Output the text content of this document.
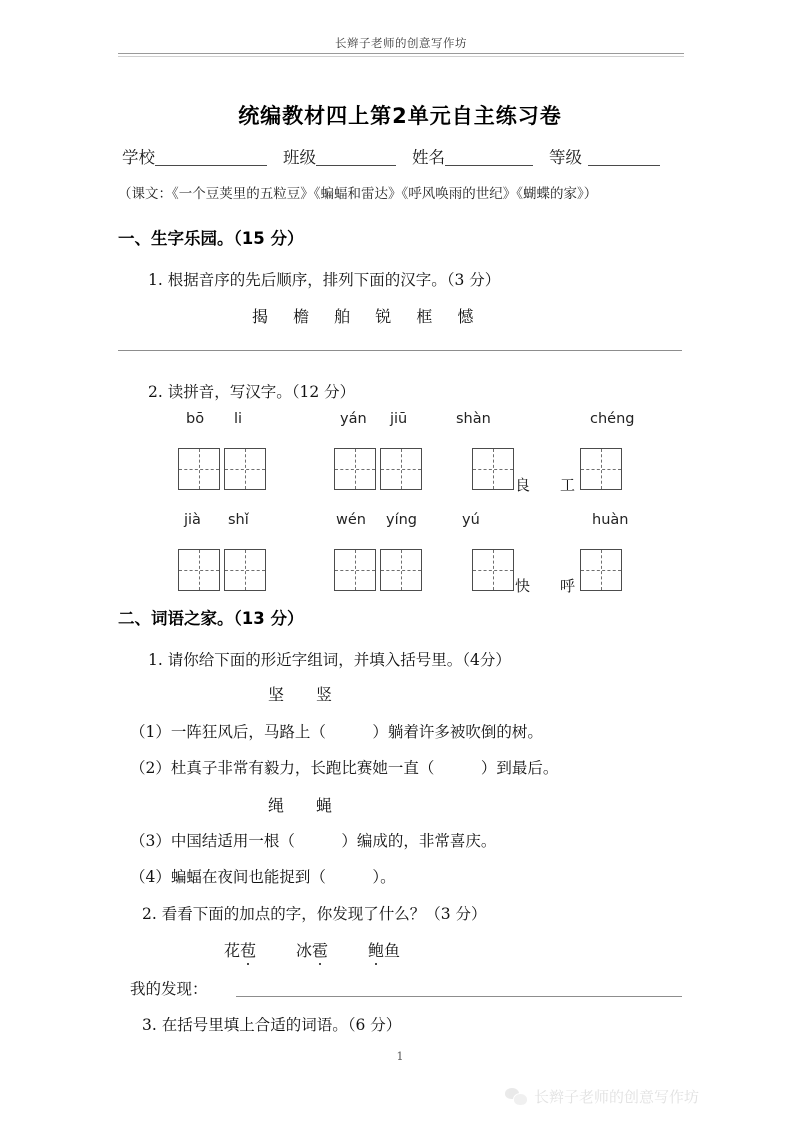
长辫子老师的创意写作坊
统编教材四上第2单元自主练习卷
学校	班级	姓名	等级
（课文：《一个豆荚里的五粒豆》《蝙蝠和雷达》《呼风唤雨的世纪》《蝴蝶的家》）
一、生字乐园。（15 分）
1. 根据音序的先后顺序，排列下面的汉字。（3 分）
揭 檐 舶 锐 框 憾
2. 读拼音，写汉字。（12 分）
bō li	yán jiū	shàn	chéng
良 工
jià shǐ	wén yíng	yú	huàn
快 呼
二、词语之家。（13 分）
1. 请你给下面的形近字组词，并填入括号里。（4分）
坚　　竖
（1）一阵狂风后，马路上（　　　）躺着许多被吹倒的树。
（2）杜真子非常有毅力，长跑比赛她一直（　　　）到最后。
绳　　蝇
（3）中国结适用一根（　　　）编成的，非常喜庆。
（4）蝙蝠在夜间也能捉到（　　　）。
2. 看看下面的加点的字，你发现了什么？（3 分）
花苞 冰雹 鲍鱼
我的发现：
3. 在括号里填上合适的词语。（6 分）
1
长辫子老师的创意写作坊
